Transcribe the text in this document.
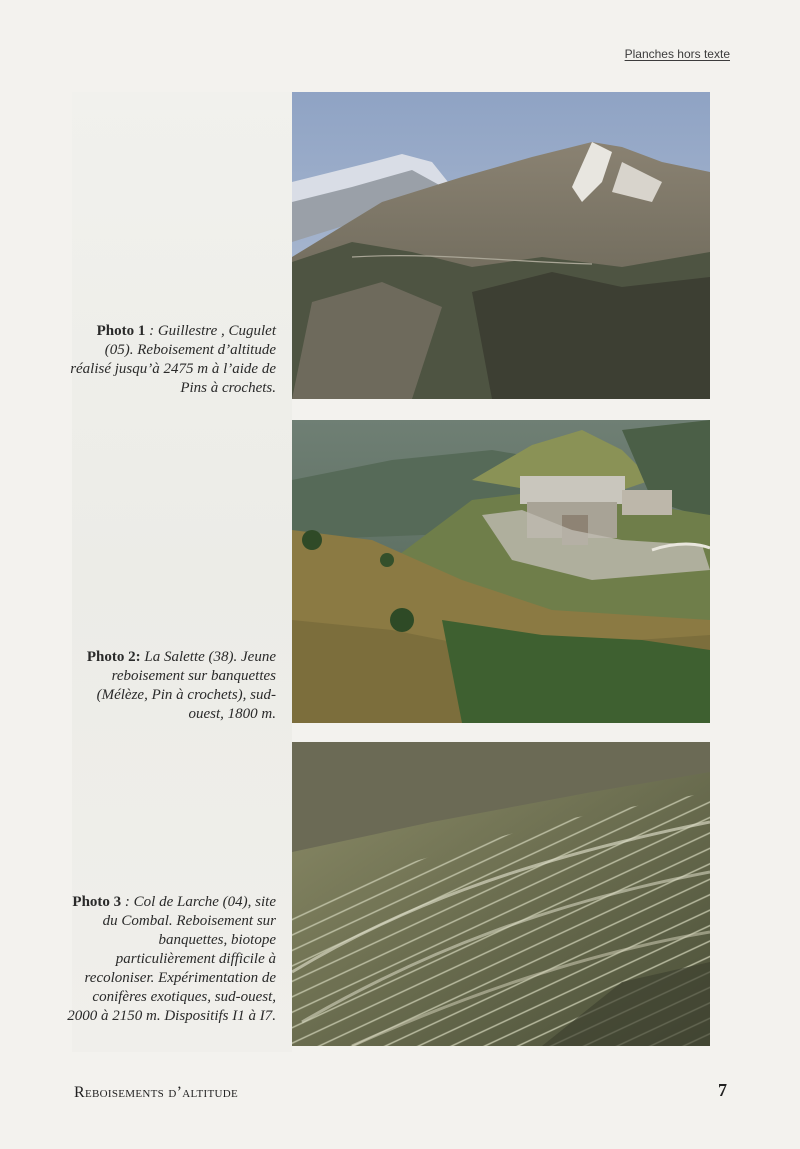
Planches hors texte
Photo 1 : Guillestre , Cugulet (05). Reboisement d’altitude réalisé jusqu’à 2475 m à l’aide de Pins à crochets.
Photo 2: La Salette (38). Jeune reboisement sur banquettes (Mélèze, Pin à crochets), sud-ouest, 1800 m.
Photo 3 : Col de Larche (04), site du Combal. Reboisement sur banquettes, biotope particulièrement difficile à recoloniser. Expérimentation de conifères exotiques, sud-ouest, 2000 à 2150 m. Dispositifs I1 à I7.
Reboisements d’altitude	7
